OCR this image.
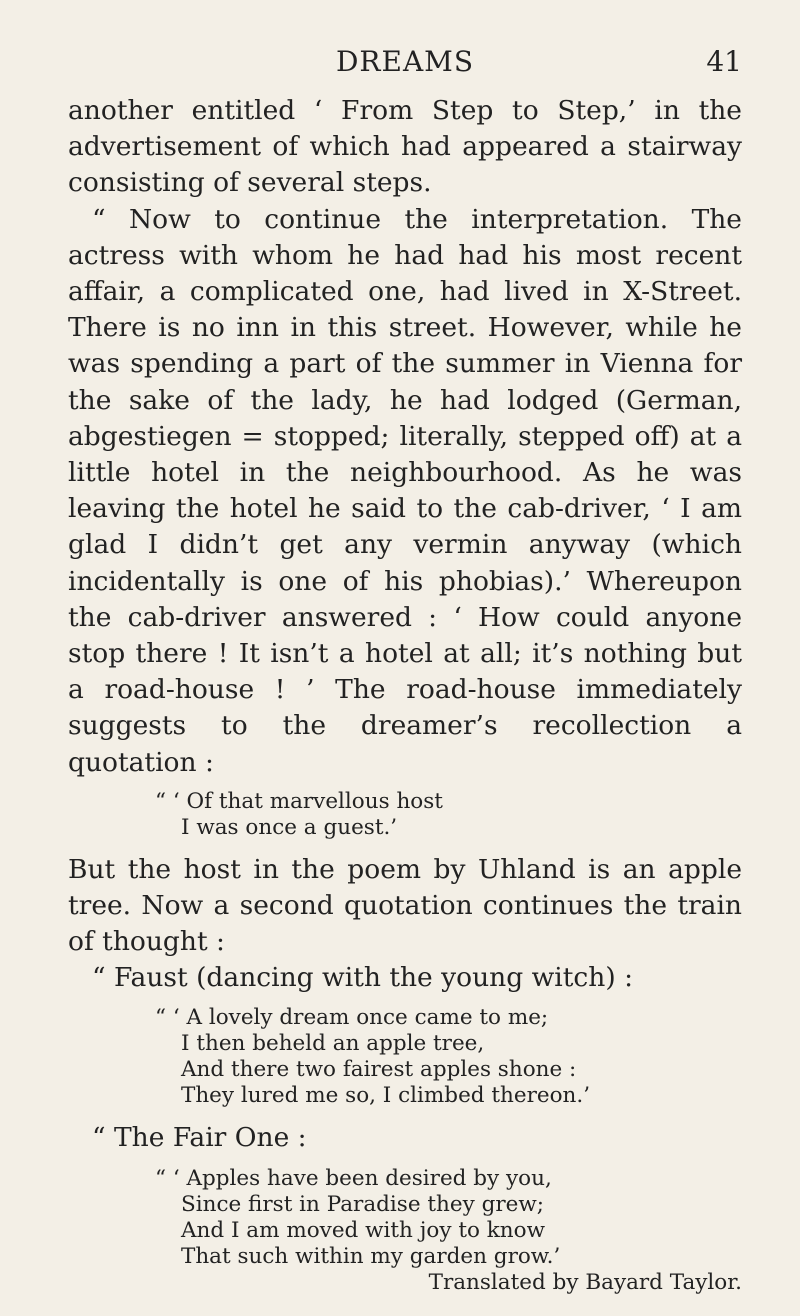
DREAMS	41

another entitled ‘ From Step to Step,’ in the advertisement of which had appeared a stairway consisting of several steps.

“ Now to continue the interpretation. The actress with whom he had had his most recent affair, a complicated one, had lived in X-Street. There is no inn in this street. However, while he was spending a part of the summer in Vienna for the sake of the lady, he had lodged (German, abgestiegen = stopped; literally, stepped off) at a little hotel in the neighbourhood. As he was leaving the hotel he said to the cab-driver, ‘ I am glad I didn’t get any vermin anyway (which incidentally is one of his phobias).’ Whereupon the cab-driver answered : ‘ How could anyone stop there ! It isn’t a hotel at all; it’s nothing but a road-house ! ’ The road-house immediately suggests to the dreamer’s recollection a quotation :

“ ‘ Of that marvellous host
I was once a guest.’

But the host in the poem by Uhland is an apple tree. Now a second quotation continues the train of thought :

“ Faust (dancing with the young witch) :

“ ‘ A lovely dream once came to me;
I then beheld an apple tree,
And there two fairest apples shone :
They lured me so, I climbed thereon.’

“ The Fair One :

“ ‘ Apples have been desired by you,
Since first in Paradise they grew;
And I am moved with joy to know
That such within my garden grow.’
Translated by Bayard Taylor.
